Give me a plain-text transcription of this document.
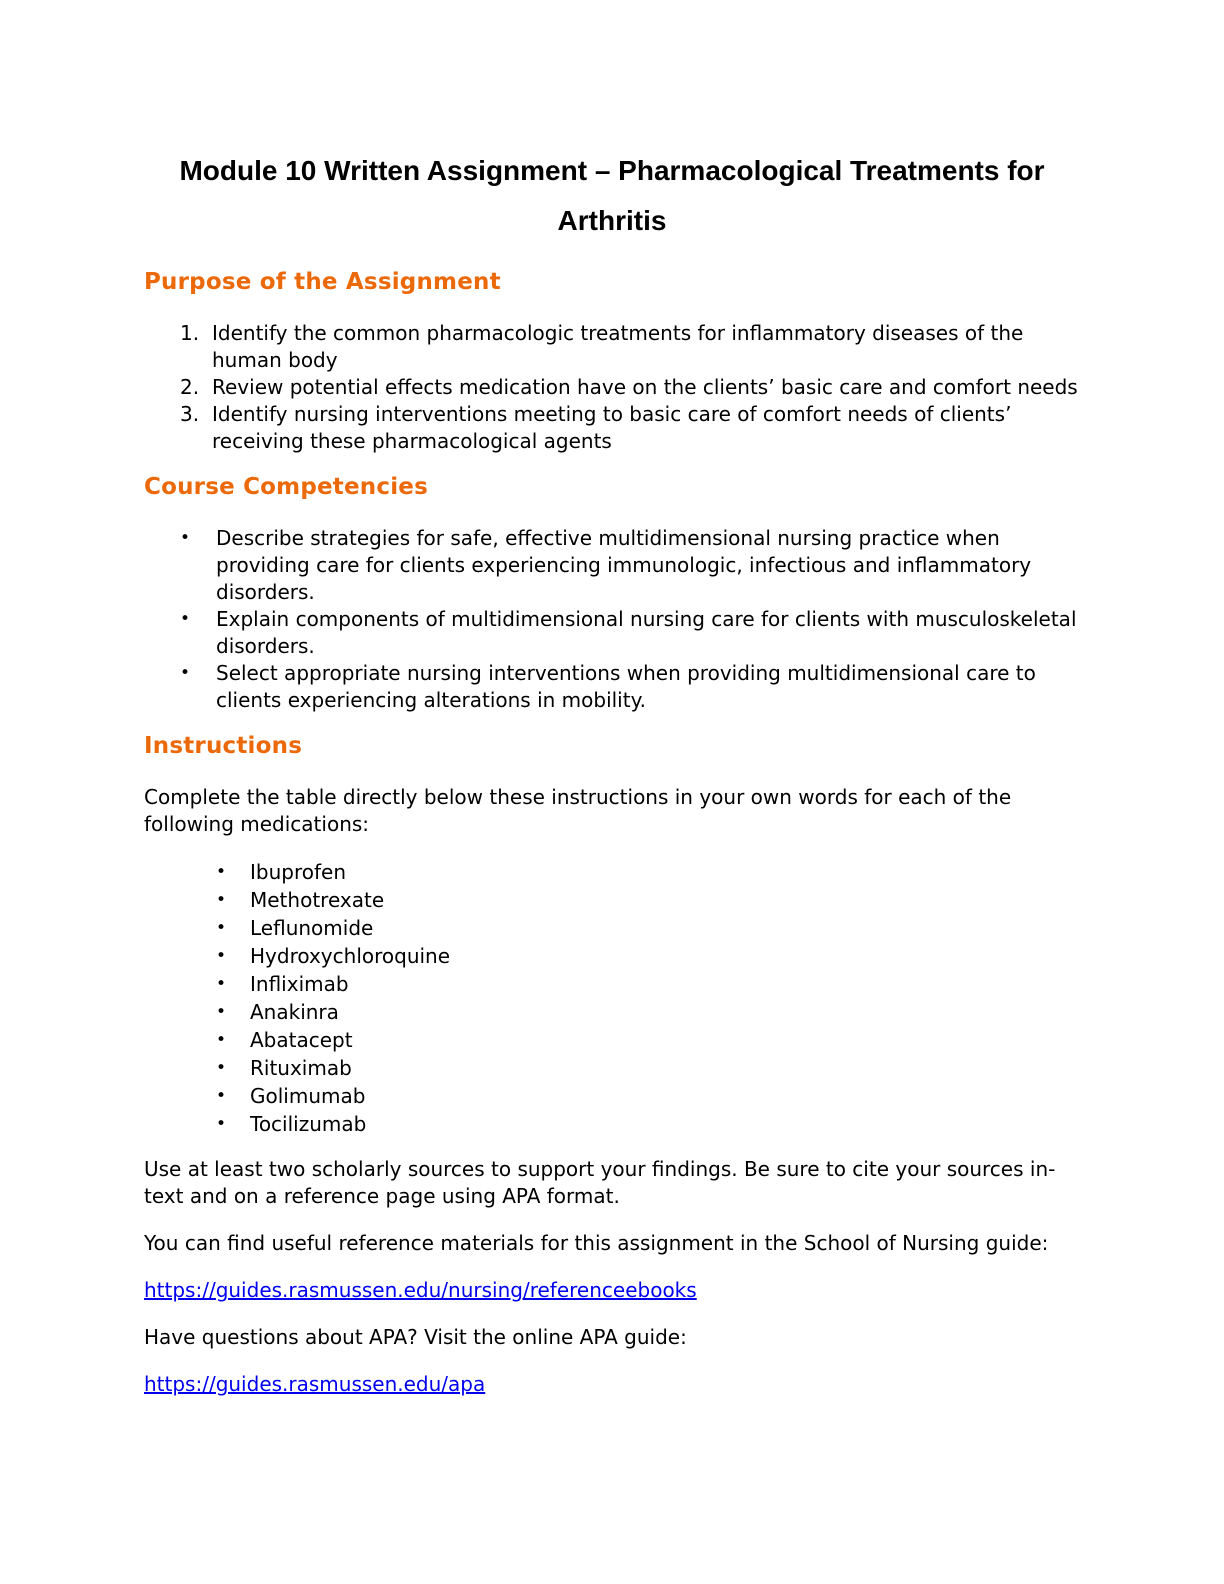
Module 10 Written Assignment – Pharmacological Treatments for
Arthritis
Purpose of the Assignment
1. Identify the common pharmacologic treatments for inflammatory diseases of the human body
2. Review potential effects medication have on the clients’ basic care and comfort needs
3. Identify nursing interventions meeting to basic care of comfort needs of clients’ receiving these pharmacological agents
Course Competencies
•	Describe strategies for safe, effective multidimensional nursing practice when providing care for clients experiencing immunologic, infectious and inflammatory disorders.
•	Explain components of multidimensional nursing care for clients with musculoskeletal disorders.
•	Select appropriate nursing interventions when providing multidimensional care to clients experiencing alterations in mobility.
Instructions

Complete the table directly below these instructions in your own words for each of the following medications:

•	Ibuprofen
•	Methotrexate
•	Leflunomide
•	Hydroxychloroquine
•	Infliximab
•	Anakinra
•	Abatacept
•	Rituximab
•	Golimumab
•	Tocilizumab

Use at least two scholarly sources to support your findings. Be sure to cite your sources in-text and on a reference page using APA format.

You can find useful reference materials for this assignment in the School of Nursing guide:

https://guides.rasmussen.edu/nursing/referenceebooks

Have questions about APA? Visit the online APA guide:

https://guides.rasmussen.edu/apa
